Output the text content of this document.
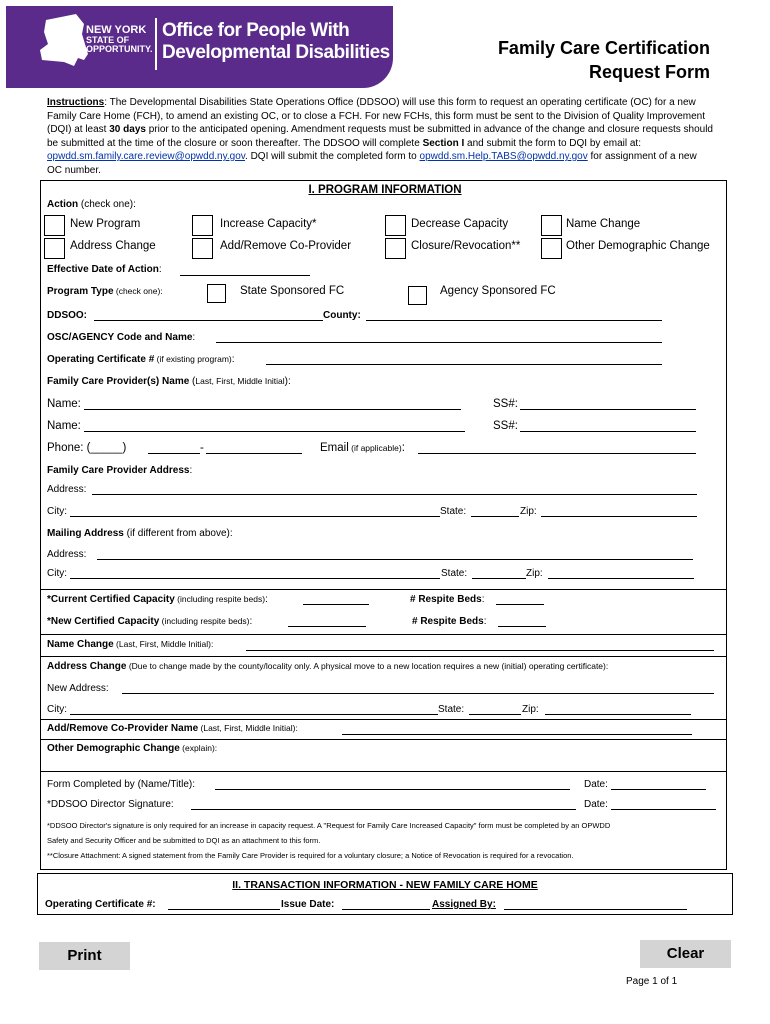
NEW YORK
STATE OF
OPPORTUNITY.
Office for People With
Developmental Disabilities	Family Care Certification
Request Form
Instructions: The Developmental Disabilities State Operations Office (DDSOO) will use this form to request an operating certificate (OC) for a new Family Care Home (FCH), to amend an existing OC, or to close a FCH. For new FCHs, this form must be sent to the Division of Quality Improvement (DQI) at least 30 days prior to the anticipated opening. Amendment requests must be submitted in advance of the change and closure requests should be submitted at the time of the closure or soon thereafter. The DDSOO will complete Section I and submit the form to DQI by email at: opwdd.sm.family.care.review@opwdd.ny.gov. DQI will submit the completed form to opwdd.sm.Help.TABS@opwdd.ny.gov for assignment of a new OC number.
I. PROGRAM INFORMATION
Action (check one):
New Program	Increase Capacity*	Decrease Capacity	Name Change
Address Change	Add/Remove Co-Provider	Closure/Revocation**	Other Demographic Change
Effective Date of Action:
Program Type (check one):	State Sponsored FC	Agency Sponsored FC
DDSOO:	County:
OSC/AGENCY Code and Name:
Operating Certificate # (if existing program):
Family Care Provider(s) Name (Last, First, Middle Initial):
Name:	SS#:
Name:	SS#:
Phone: (_____)	-	Email (if applicable):
Family Care Provider Address:
Address:
City:	State:	Zip:
Mailing Address (if different from above):
Address:
City:	State:	Zip:
*Current Certified Capacity (including respite beds):	# Respite Beds:
*New Certified Capacity (including respite beds):	# Respite Beds:
Name Change (Last, First, Middle Initial):
Address Change (Due to change made by the county/locality only. A physical move to a new location requires a new (initial) operating certificate):
New Address:
City:	State:	Zip:
Add/Remove Co-Provider Name (Last, First, Middle Initial):
Other Demographic Change (explain):
Form Completed by (Name/Title):	Date:
*DDSOO Director Signature:	Date:
*DDSOO Director's signature is only required for an increase in capacity request. A "Request for Family Care Increased Capacity" form must be completed by an OPWDD
Safety and Security Officer and be submitted to DQI as an attachment to this form.
**Closure Attachment: A signed statement from the Family Care Provider is required for a voluntary closure; a Notice of Revocation is required for a revocation.
II. TRANSACTION INFORMATION - NEW FAMILY CARE HOME
Operating Certificate #:	Issue Date:	Assigned By:
Print	Clear
Page 1 of 1
